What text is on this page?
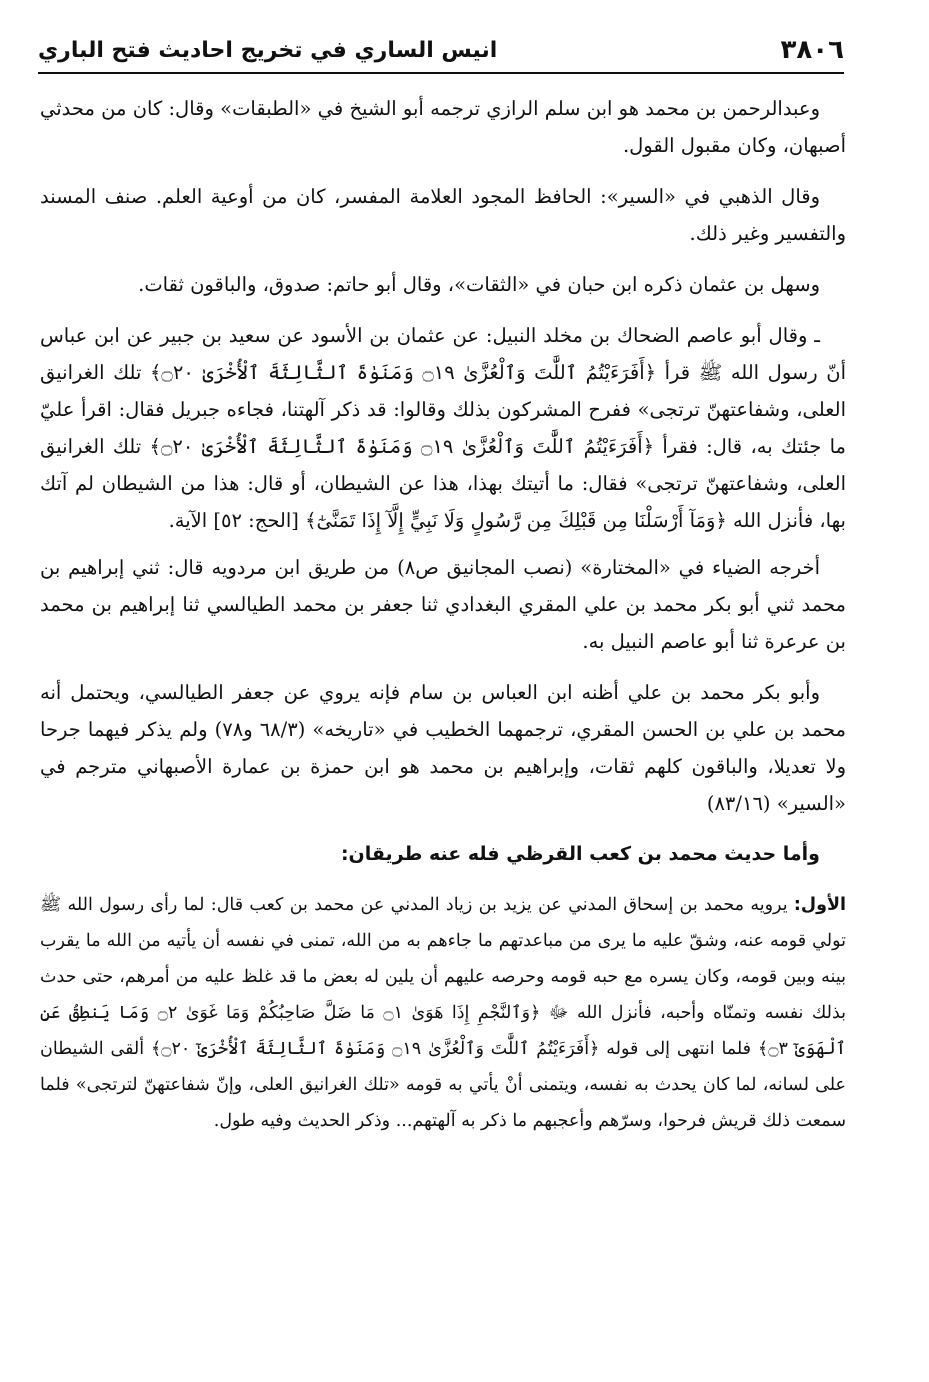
٣٨٠٦
انيس الساري في تخريج احاديث فتح الباري

وعبدالرحمن بن محمد هو ابن سلم الرازي ترجمه أبو الشيخ في «الطبقات» وقال: كان من محدثي أصبهان، وكان مقبول القول.

وقال الذهبي في «السير»: الحافظ المجود العلامة المفسر، كان من أوعية العلم. صنف المسند والتفسير وغير ذلك.

وسهل بن عثمان ذكره ابن حبان في «الثقات»، وقال أبو حاتم: صدوق، والباقون ثقات.

ـ وقال أبو عاصم الضحاك بن مخلد النبيل: عن عثمان بن الأسود عن سعيد بن جبير عن ابن عباس أنّ رسول الله ﷺ قرأ ﴿أَفَرَءَيْتُمُ ٱللَّٰتَ وَٱلْعُزَّىٰ ۝١٩ وَمَنَوٰةَ ٱلثَّالِثَةَ ٱلْأُخْرَىٰ ۝٢٠﴾ تلك الغرانيق العلى، وشفاعتهنّ ترتجى» ففرح المشركون بذلك وقالوا: قد ذكر آلهتنا، فجاءه جبريل فقال: اقرأ عليّ ما جئتك به، قال: فقرأ ﴿أَفَرَءَيْتُمُ ٱللَّٰتَ وَٱلْعُزَّىٰ ۝١٩ وَمَنَوٰةَ ٱلثَّالِثَةَ ٱلْأُخْرَىٰ ۝٢٠﴾ تلك الغرانيق العلى، وشفاعتهنّ ترتجى» فقال: ما أتيتك بهذا، هذا عن الشيطان، أو قال: هذا من الشيطان لم آتك بها، فأنزل الله ﴿وَمَآ أَرْسَلْنَا مِن قَبْلِكَ مِن رَّسُولٍ وَلَا نَبِيٍّ إِلَّآ إِذَا تَمَنَّىٰٓ﴾ [الحج: ٥٢] الآية.

أخرجه الضياء في «المختارة» (نصب المجانيق ص٨) من طريق ابن مردويه قال: ثني إبراهيم بن محمد ثني أبو بكر محمد بن علي المقري البغدادي ثنا جعفر بن محمد الطيالسي ثنا إبراهيم بن محمد بن عرعرة ثنا أبو عاصم النبيل به.

وأبو بكر محمد بن علي أظنه ابن العباس بن سام فإنه يروي عن جعفر الطيالسي، ويحتمل أنه محمد بن علي بن الحسن المقري، ترجمهما الخطيب في «تاريخه» (٦٨/٣ و٧٨) ولم يذكر فيهما جرحا ولا تعديلا، والباقون كلهم ثقات، وإبراهيم بن محمد هو ابن حمزة بن عمارة الأصبهاني مترجم في «السير» (٨٣/١٦)

وأما حديث محمد بن كعب القرظي فله عنه طريقان:

الأول: يرويه محمد بن إسحاق المدني عن يزيد بن زياد المدني عن محمد بن كعب قال: لما رأى رسول الله ﷺ تولي قومه عنه، وشقّ عليه ما يرى من مباعدتهم ما جاءهم به من الله، تمنى في نفسه أن يأتيه من الله ما يقرب بينه وبين قومه، وكان يسره مع حبه قومه وحرصه عليهم أن يلين له بعض ما قد غلظ عليه من أمرهم، حتى حدث بذلك نفسه وتمنّاه وأحبه، فأنزل الله ﷻ ﴿وَٱلنَّجْمِ إِذَا هَوَىٰ ۝١ مَا ضَلَّ صَاحِبُكُمْ وَمَا غَوَىٰ ۝٢ وَمَا يَنطِقُ عَنِ ٱلْهَوَىٰٓ ۝٣﴾ فلما انتهى إلى قوله ﴿أَفَرَءَيْتُمُ ٱللَّٰتَ وَٱلْعُزَّىٰ ۝١٩ وَمَنَوٰةَ ٱلثَّالِثَةَ ٱلْأُخْرَىٰٓ ۝٢٠﴾ ألقى الشيطان على لسانه، لما كان يحدث به نفسه، ويتمنى أنْ يأتي به قومه «تلك الغرانيق العلى، وإنّ شفاعتهنّ لترتجى» فلما سمعت ذلك قريش فرحوا، وسرّهم وأعجبهم ما ذكر به آلهتهم... وذكر الحديث وفيه طول.
